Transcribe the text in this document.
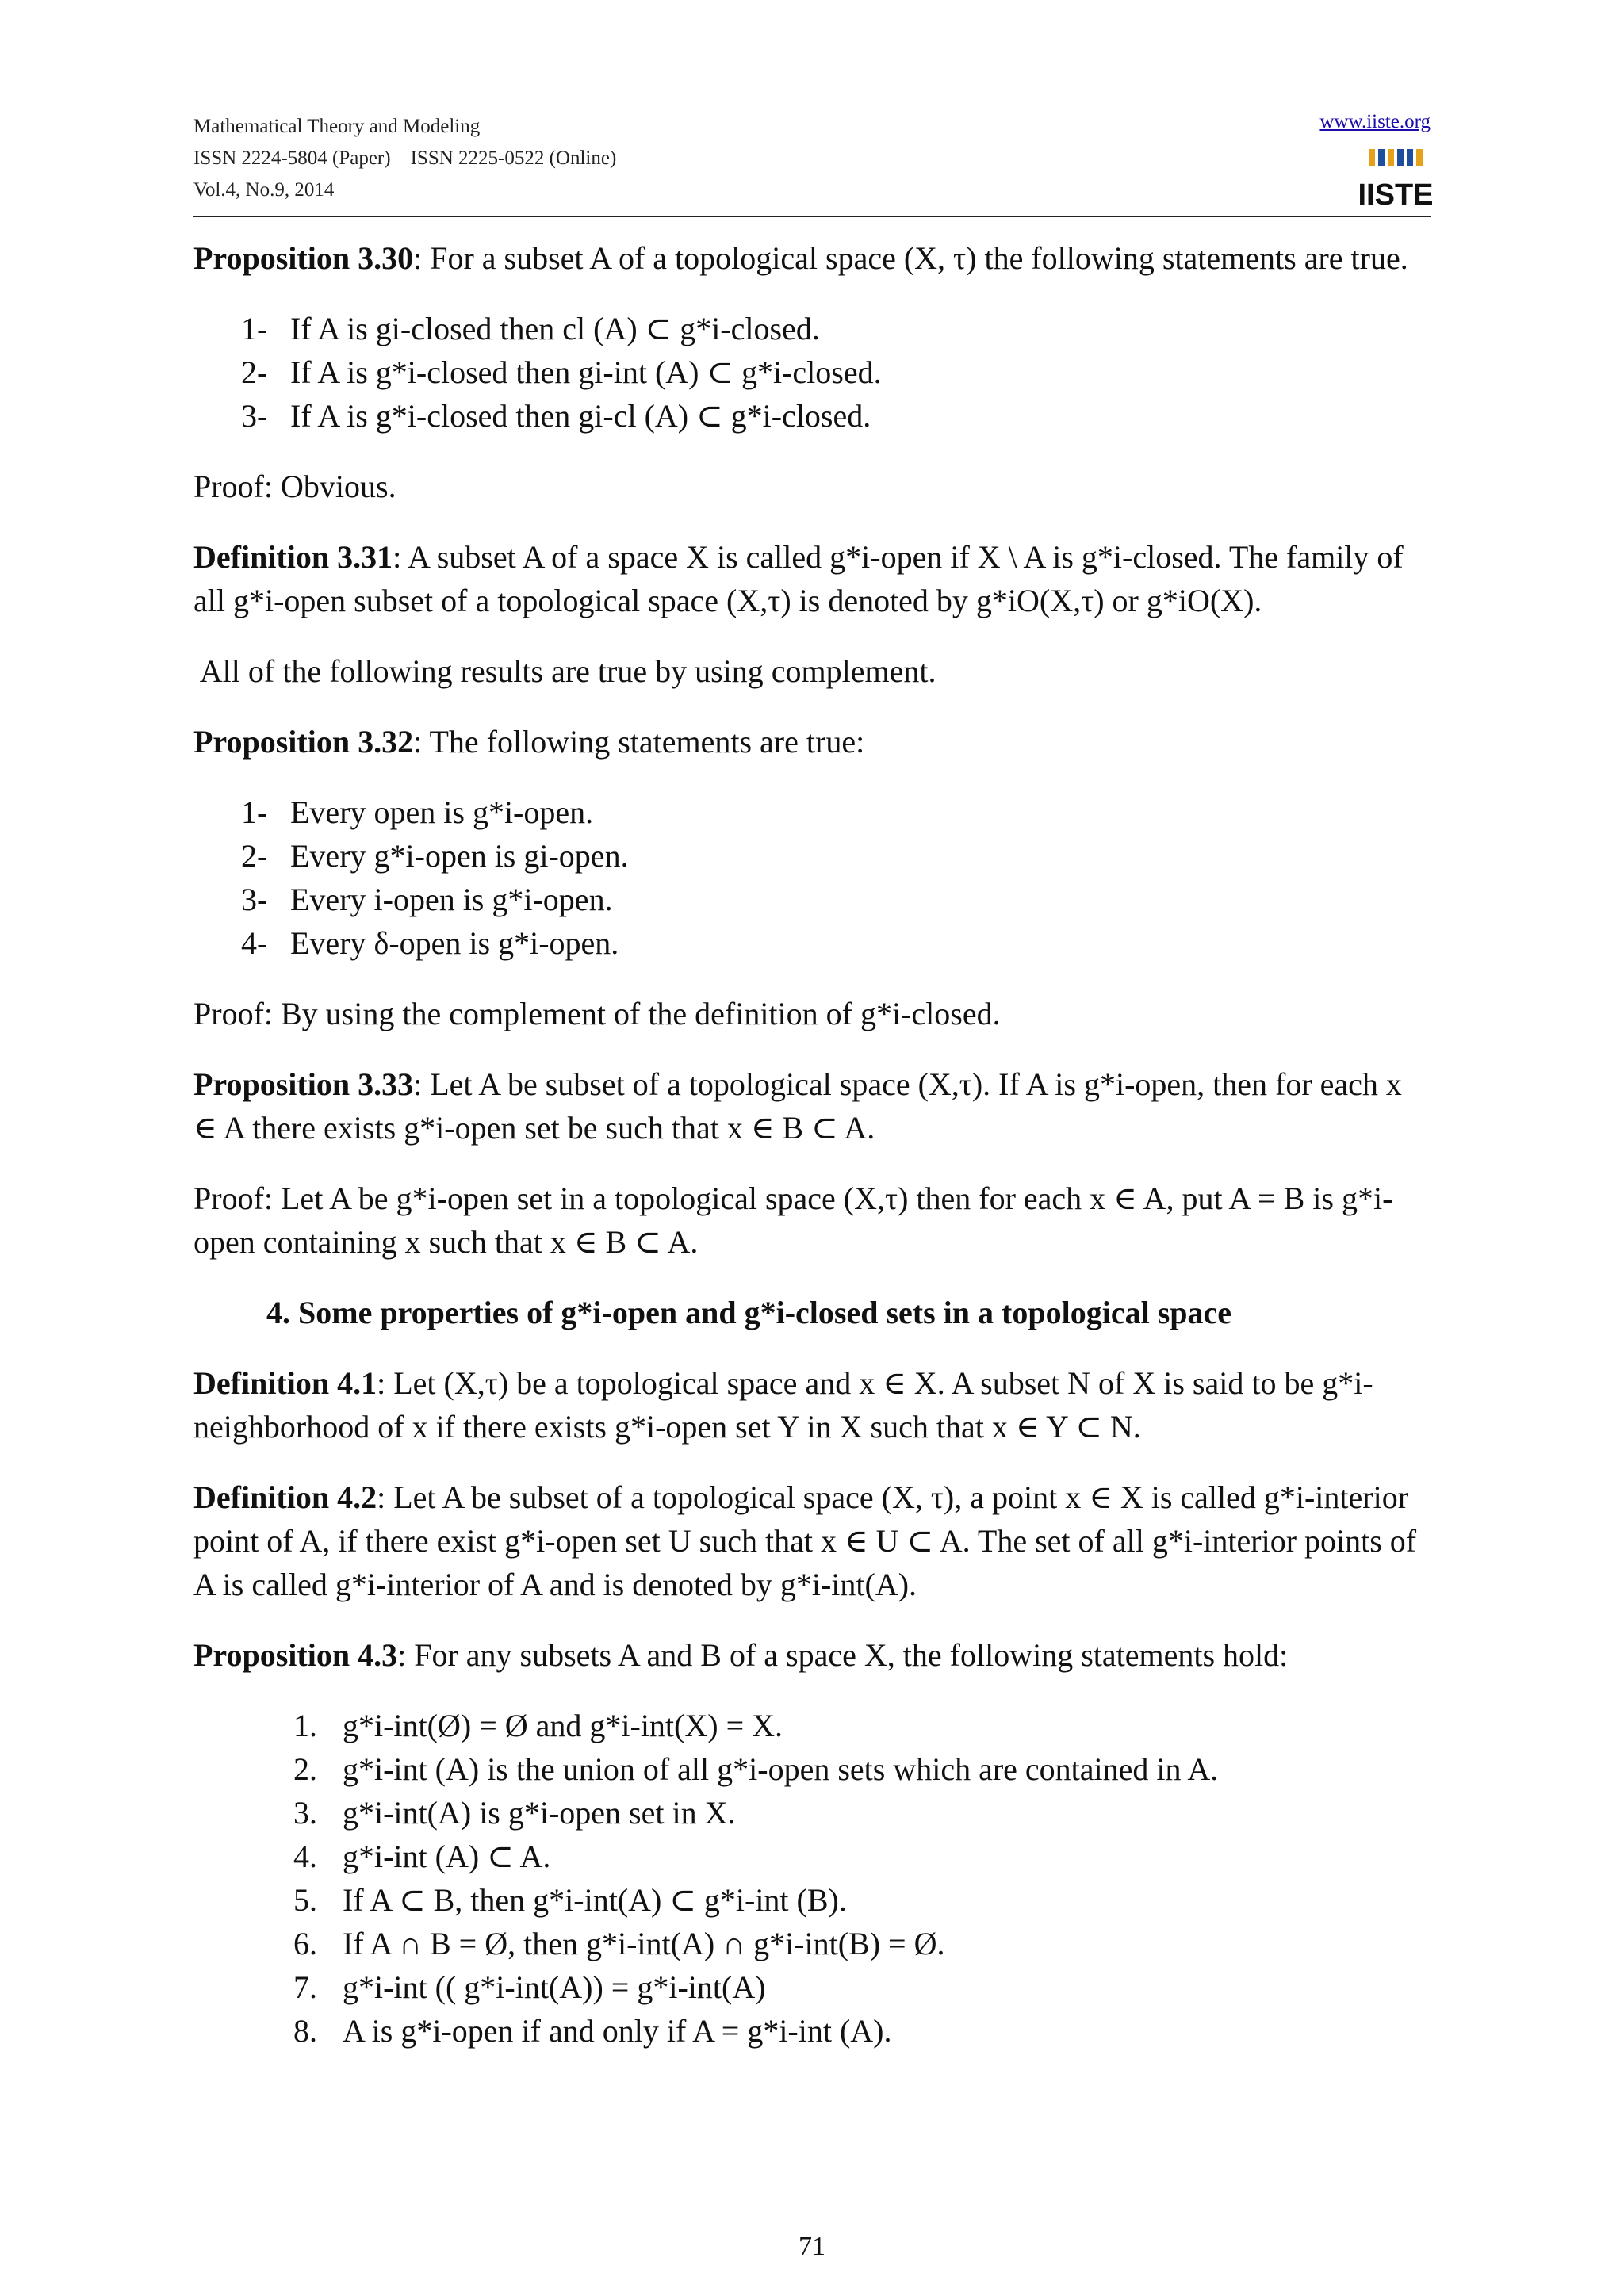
Mathematical Theory and Modeling
ISSN 2224-5804 (Paper)    ISSN 2225-0522 (Online)
Vol.4, No.9, 2014
www.iiste.org
IISTE
Proposition 3.30: For a subset A of a topological space (X, τ) the following statements are true.
1- If A is gi-closed then cl (A) ⊂ g*i-closed.
2- If A is g*i-closed then gi-int (A) ⊂ g*i-closed.
3- If A is g*i-closed then gi-cl (A) ⊂ g*i-closed.
Proof: Obvious.
Definition 3.31: A subset A of a space X is called g*i-open if X \ A is g*i-closed. The family of all g*i-open subset of a topological space (X,τ) is denoted by g*iO(X,τ) or g*iO(X).
All of the following results are true by using complement.
Proposition 3.32: The following statements are true:
1- Every open is g*i-open.
2- Every g*i-open is gi-open.
3- Every i-open is g*i-open.
4- Every δ-open is g*i-open.
Proof: By using the complement of the definition of g*i-closed.
Proposition 3.33: Let A be subset of a topological space (X,τ). If A is g*i-open, then for each x ∈ A there exists g*i-open set be such that x ∈ B ⊂ A.
Proof: Let A be g*i-open set in a topological space (X,τ) then for each x ∈ A, put A = B is g*i-open containing x such that x ∈ B ⊂ A.
4. Some properties of g*i-open and g*i-closed sets in a topological space
Definition 4.1: Let (X,τ) be a topological space and x ∈ X. A subset N of X is said to be g*i-neighborhood of x if there exists g*i-open set Y in X such that x ∈ Y ⊂ N.
Definition 4.2: Let A be subset of a topological space (X, τ), a point x ∈ X is called g*i-interior point of A, if there exist g*i-open set U such that x ∈ U ⊂ A. The set of all g*i-interior points of A is called g*i-interior of A and is denoted by g*i-int(A).
Proposition 4.3: For any subsets A and B of a space X, the following statements hold:
1. g*i-int(Ø) = Ø and g*i-int(X) = X.
2. g*i-int (A) is the union of all g*i-open sets which are contained in A.
3. g*i-int(A) is g*i-open set in X.
4. g*i-int (A) ⊂ A.
5. If A ⊂ B, then g*i-int(A) ⊂ g*i-int (B).
6. If A ∩ B = Ø, then g*i-int(A) ∩ g*i-int(B) = Ø.
7. g*i-int (( g*i-int(A)) = g*i-int(A)
8. A is g*i-open if and only if A = g*i-int (A).
71
